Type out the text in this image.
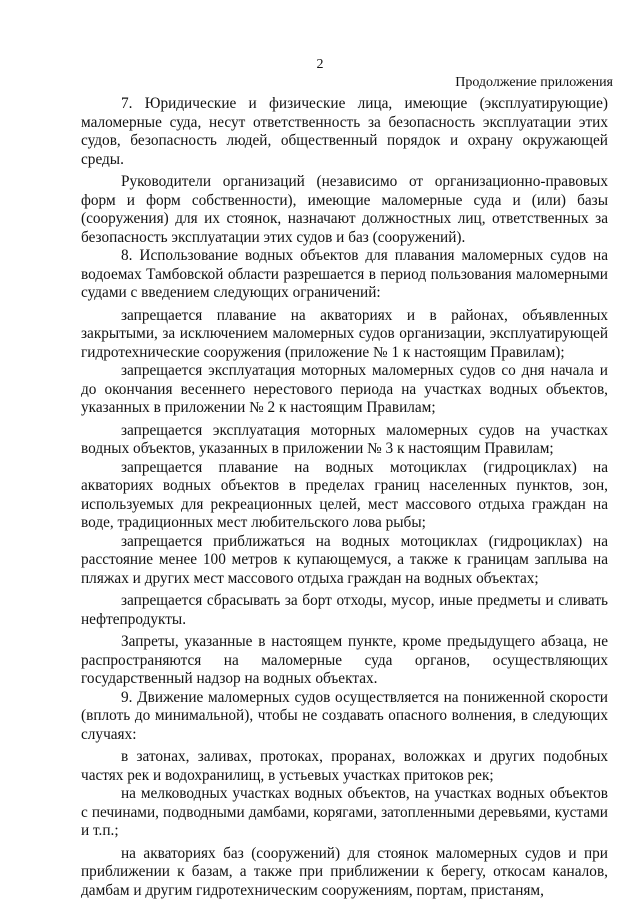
2
Продолжение приложения

7. Юридические и физические лица, имеющие (эксплуатирующие) маломерные суда, несут ответственность за безопасность эксплуатации этих судов, безопасность людей, общественный порядок и охрану окружающей среды.

Руководители организаций (независимо от организационно-правовых форм и форм собственности), имеющие маломерные суда и (или) базы (сооружения) для их стоянок, назначают должностных лиц, ответственных за безопасность эксплуатации этих судов и баз (сооружений).

8. Использование водных объектов для плавания маломерных судов на водоемах Тамбовской области разрешается в период пользования маломерными судами с введением следующих ограничений:

запрещается плавание на акваториях и в районах, объявленных закрытыми, за исключением маломерных судов организации, эксплуатирующей гидротехнические сооружения (приложение № 1 к настоящим Правилам);

запрещается эксплуатация моторных маломерных судов со дня начала и до окончания весеннего нерестового периода на участках водных объектов, указанных в приложении № 2 к настоящим Правилам;

запрещается эксплуатация моторных маломерных судов на участках водных объектов, указанных в приложении № 3 к настоящим Правилам;

запрещается плавание на водных мотоциклах (гидроциклах) на акваториях водных объектов в пределах границ населенных пунктов, зон, используемых для рекреационных целей, мест массового отдыха граждан на воде, традиционных мест любительского лова рыбы;

запрещается приближаться на водных мотоциклах (гидроциклах) на расстояние менее 100 метров к купающемуся, а также к границам заплыва на пляжах и других мест массового отдыха граждан на водных объектах;

запрещается сбрасывать за борт отходы, мусор, иные предметы и сливать нефтепродукты.

Запреты, указанные в настоящем пункте, кроме предыдущего абзаца, не распространяются на маломерные суда органов, осуществляющих государственный надзор на водных объектах.

9. Движение маломерных судов осуществляется на пониженной скорости (вплоть до минимальной), чтобы не создавать опасного волнения, в следующих случаях:

в затонах, заливах, протоках, проранах, воложках и других подобных частях рек и водохранилищ, в устьевых участках притоков рек;

на мелководных участках водных объектов, на участках водных объектов с печинами, подводными дамбами, корягами, затопленными деревьями, кустами и т.п.;

на акваториях баз (сооружений) для стоянок маломерных судов и при приближении к базам, а также при приближении к берегу, откосам каналов, дамбам и другим гидротехническим сооружениям, портам, пристаням,
